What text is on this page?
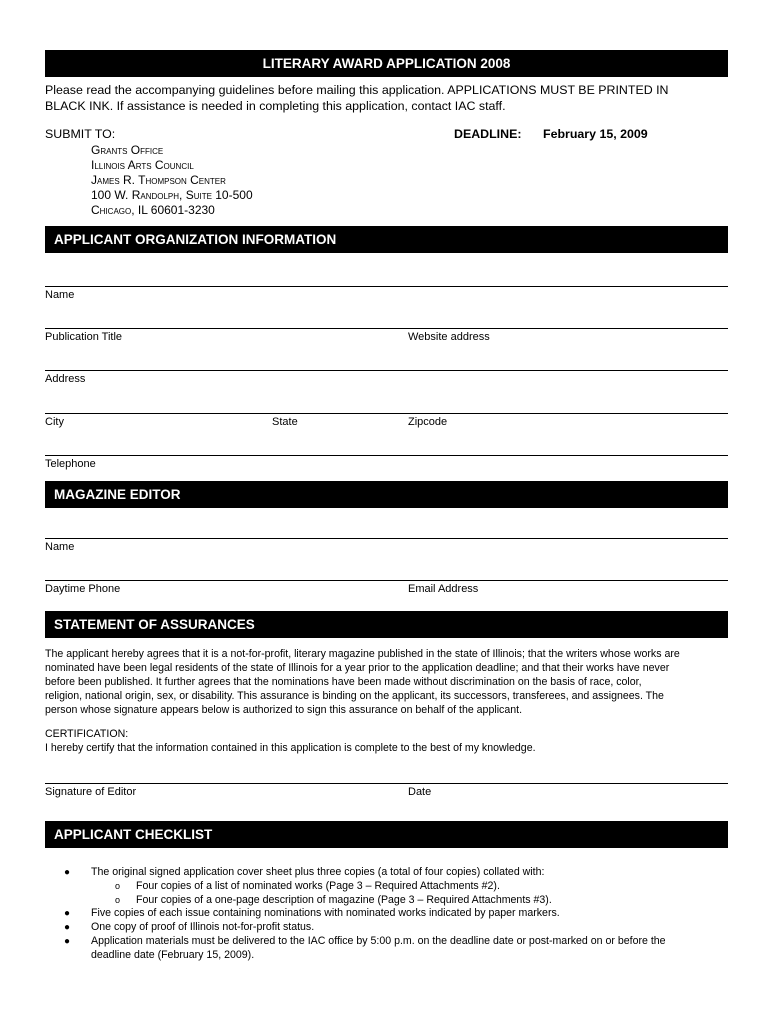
LITERARY AWARD APPLICATION 2008
Please read the accompanying guidelines before mailing this application. APPLICATIONS MUST BE PRINTED IN
BLACK INK. If assistance is needed in completing this application, contact IAC staff.
SUBMIT TO:	DEADLINE: February 15, 2009
Grants Office
Illinois Arts Council
James R. Thompson Center
100 W. Randolph, Suite 10-500
Chicago, IL 60601-3230
APPLICANT ORGANIZATION INFORMATION
Name
Publication Title	Website address
Address
City	State	Zipcode
Telephone
MAGAZINE EDITOR
Name
Daytime Phone	Email Address
STATEMENT OF ASSURANCES
The applicant hereby agrees that it is a not-for-profit, literary magazine published in the state of Illinois; that the writers whose works are
nominated have been legal residents of the state of Illinois for a year prior to the application deadline; and that their works have never
before been published. It further agrees that the nominations have been made without discrimination on the basis of race, color,
religion, national origin, sex, or disability. This assurance is binding on the applicant, its successors, transferees, and assignees. The
person whose signature appears below is authorized to sign this assurance on behalf of the applicant.
CERTIFICATION:
I hereby certify that the information contained in this application is complete to the best of my knowledge.
Signature of Editor	Date
APPLICANT CHECKLIST
● The original signed application cover sheet plus three copies (a total of four copies) collated with:
o Four copies of a list of nominated works (Page 3 – Required Attachments #2).
o Four copies of a one-page description of magazine (Page 3 – Required Attachments #3).
● Five copies of each issue containing nominations with nominated works indicated by paper markers.
● One copy of proof of Illinois not-for-profit status.
● Application materials must be delivered to the IAC office by 5:00 p.m. on the deadline date or post-marked on or before the
deadline date (February 15, 2009).
